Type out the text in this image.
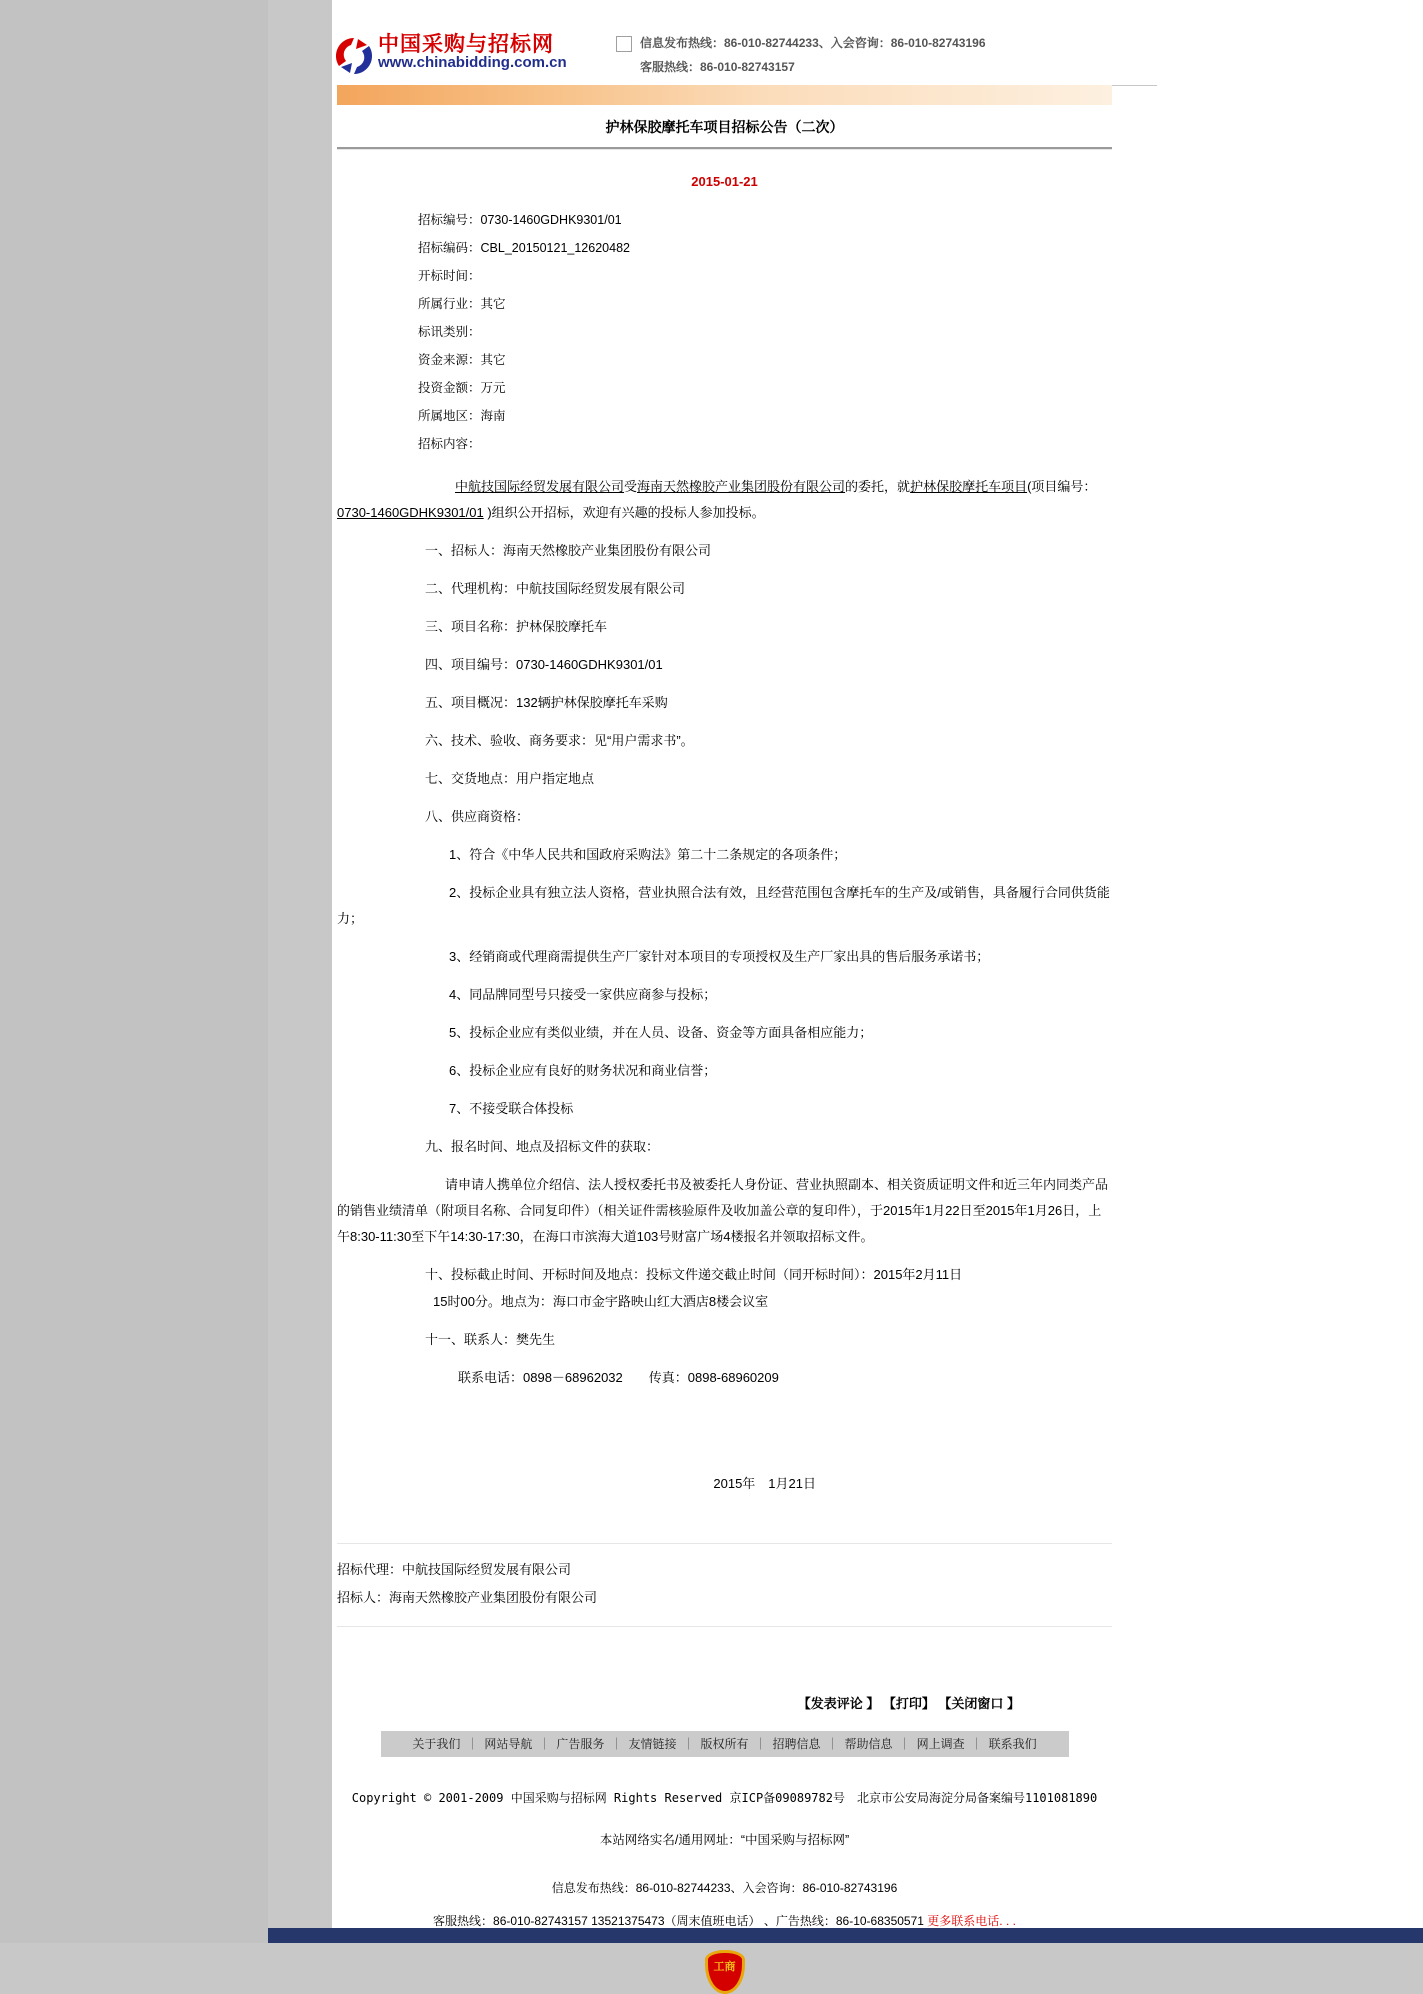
中国采购与招标网
www.chinabidding.com.cn
信息发布热线：86-010-82744233、入会咨询：86-010-82743196
客服热线：86-010-82743157
护林保胶摩托车项目招标公告（二次）
2015-01-21
招标编号：0730-1460GDHK9301/01
招标编码：CBL_20150121_12620482
开标时间：
所属行业：其它
标讯类别：
资金来源：其它
投资金额：万元
所属地区：海南
招标内容：
中航技国际经贸发展有限公司受海南天然橡胶产业集团股份有限公司的委托，就护林保胶摩托车项目(项目编号：0730-1460GDHK9301/01 )组织公开招标，欢迎有兴趣的投标人参加投标。

一、招标人：海南天然橡胶产业集团股份有限公司

二、代理机构：中航技国际经贸发展有限公司

三、项目名称：护林保胶摩托车

四、项目编号：0730-1460GDHK9301/01

五、项目概况：132辆护林保胶摩托车采购

六、技术、验收、商务要求：见“用户需求书”。

七、交货地点：用户指定地点

八、供应商资格：

1、符合《中华人民共和国政府采购法》第二十二条规定的各项条件；

2、投标企业具有独立法人资格，营业执照合法有效，且经营范围包含摩托车的生产及/或销售，具备履行合同供货能力；

3、经销商或代理商需提供生产厂家针对本项目的专项授权及生产厂家出具的售后服务承诺书；

4、同品牌同型号只接受一家供应商参与投标；

5、投标企业应有类似业绩，并在人员、设备、资金等方面具备相应能力；

6、投标企业应有良好的财务状况和商业信誉；

7、不接受联合体投标

九、报名时间、地点及招标文件的获取：

请申请人携单位介绍信、法人授权委托书及被委托人身份证、营业执照副本、相关资质证明文件和近三年内同类产品的销售业绩清单（附项目名称、合同复印件）（相关证件需核验原件及收加盖公章的复印件），于2015年1月22日至2015年1月26日，上午8:30-11:30至下午14:30-17:30，在海口市滨海大道103号财富广场4楼报名并领取招标文件。

十、投标截止时间、开标时间及地点：投标文件递交截止时间（同开标时间）：2015年2月11日

15时00分。地点为：海口市金宇路映山红大酒店8楼会议室

十一、联系人：樊先生

联系电话：0898－68962032　　传真：0898-68960209

2015年　1月21日
招标代理：中航技国际经贸发展有限公司
招标人：海南天然橡胶产业集团股份有限公司
【发表评论 】 【打印】 【关闭窗口 】
关于我们 ｜ 网站导航 ｜ 广告服务 ｜ 友情链接 ｜ 版权所有 ｜ 招聘信息 ｜ 帮助信息 ｜ 网上调查 ｜ 联系我们
Copyright © 2001-2009 中国采购与招标网 Rights Reserved 京ICP备09089782号　北京市公安局海淀分局备案编号1101081890
本站网络实名/通用网址：“中国采购与招标网”
信息发布热线：86-010-82744233、入会咨询：86-010-82743196
客服热线：86-010-82743157 13521375473（周末值班电话） 、广告热线：86-10-68350571 更多联系电话. . .
工商
